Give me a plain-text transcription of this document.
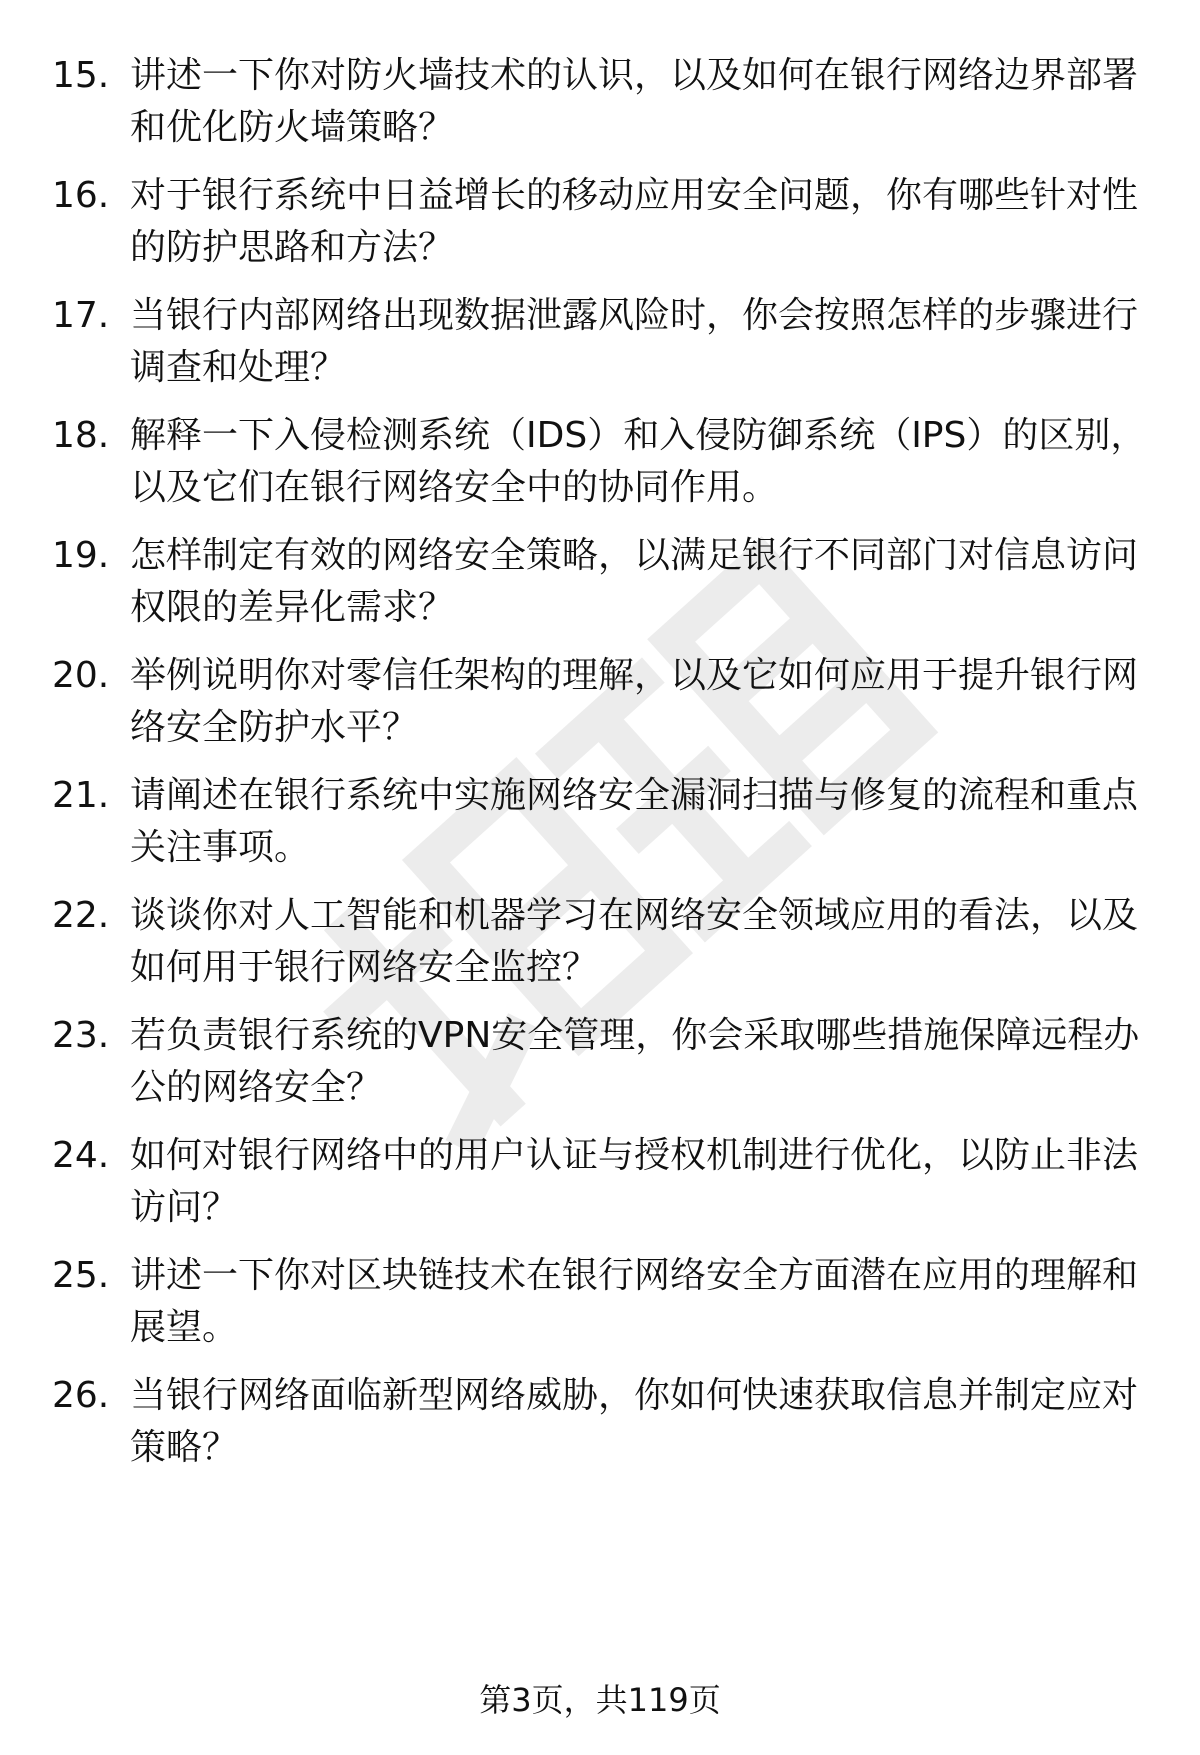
15. 讲述一下你对防火墙技术的认识，以及如何在银行网络边界部署
和优化防火墙策略？
16. 对于银行系统中日益增长的移动应用安全问题，你有哪些针对性
的防护思路和方法？
17. 当银行内部网络出现数据泄露风险时，你会按照怎样的步骤进行
调查和处理？
18. 解释一下入侵检测系统（IDS）和入侵防御系统（IPS）的区别，
以及它们在银行网络安全中的协同作用。
19. 怎样制定有效的网络安全策略，以满足银行不同部门对信息访问
权限的差异化需求？
20. 举例说明你对零信任架构的理解，以及它如何应用于提升银行网
络安全防护水平？
21. 请阐述在银行系统中实施网络安全漏洞扫描与修复的流程和重点
关注事项。
22. 谈谈你对人工智能和机器学习在网络安全领域应用的看法，以及
如何用于银行网络安全监控？
23. 若负责银行系统的VPN安全管理，你会采取哪些措施保障远程办
公的网络安全？
24. 如何对银行网络中的用户认证与授权机制进行优化，以防止非法
访问？
25. 讲述一下你对区块链技术在银行网络安全方面潜在应用的理解和
展望。
26. 当银行网络面临新型网络威胁，你如何快速获取信息并制定应对
策略？
第3页，共119页
